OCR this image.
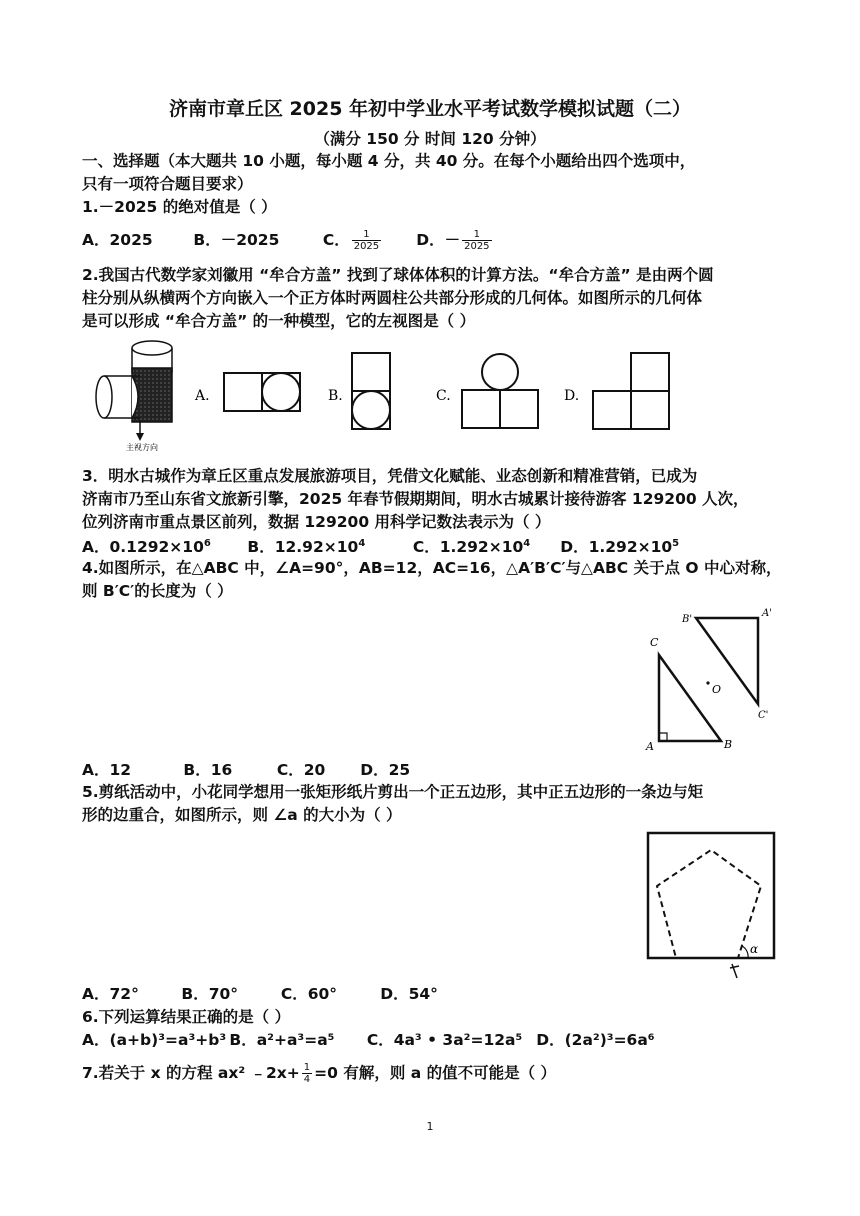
济南市章丘区 2025 年初中学业水平考试数学模拟试题（二）
（满分 150 分 时间 120 分钟）
一、选择题（本大题共 10 小题，每小题 4 分，共 40 分。在每个小题给出四个选项中，
只有一项符合题目要求）
1.－2025 的绝对值是（ ）
A．2025	B．－2025	C． $\frac{1}{2025}$ D．－ $\frac{1}{2025}$
2.我国古代数学家刘徽用 “牟合方盖” 找到了球体体积的计算方法。“牟合方盖” 是由两个圆
柱分别从纵横两个方向嵌入一个正方体时两圆柱公共部分形成的几何体。如图所示的几何体
是可以形成 “牟合方盖” 的一种模型，它的左视图是（ ）
主视方向
A.	B.	C.	D.
3．明水古城作为章丘区重点发展旅游项目，凭借文化赋能、业态创新和精准营销，已成为
济南市乃至山东省文旅新引擎，2025 年春节假期期间，明水古城累计接待游客 129200 人次，
位列济南市重点景区前列，数据 129200 用科学记数法表示为（ ）
A．$0.1292\times 10^6$ B．$12.92\times 10^4$	C．$1.292\times 10^4$ D．$1.292\times 10^5$
4.如图所示，在△ABC 中，∠A=90°，AB=12，AC=16，△A′B′C′与△ABC 关于点 O 中心对称，
则 B′C′的长度为（ ）
C
A	B
B'
A'
C'
O
A．12	B．16	C．20 D．25
5.剪纸活动中，小花同学想用一张矩形纸片剪出一个正五边形，其中正五边形的一条边与矩
形的边重合，如图所示，则 ∠a 的大小为（ ）
α
A．72°	B．70°	C．60°	D．54°
6.下列运算结果正确的是（ ）
A．(a+b)³=a³+b³ B．a²+a³=a⁵ C．4a³ • 3a²=12a⁵ D．(2a²)³=6a⁶
7.若关于 x 的方程 ax² ﹣2x+ $\frac{1}{4} =0$ 有解，则 a 的值不可能是（ ）
1
